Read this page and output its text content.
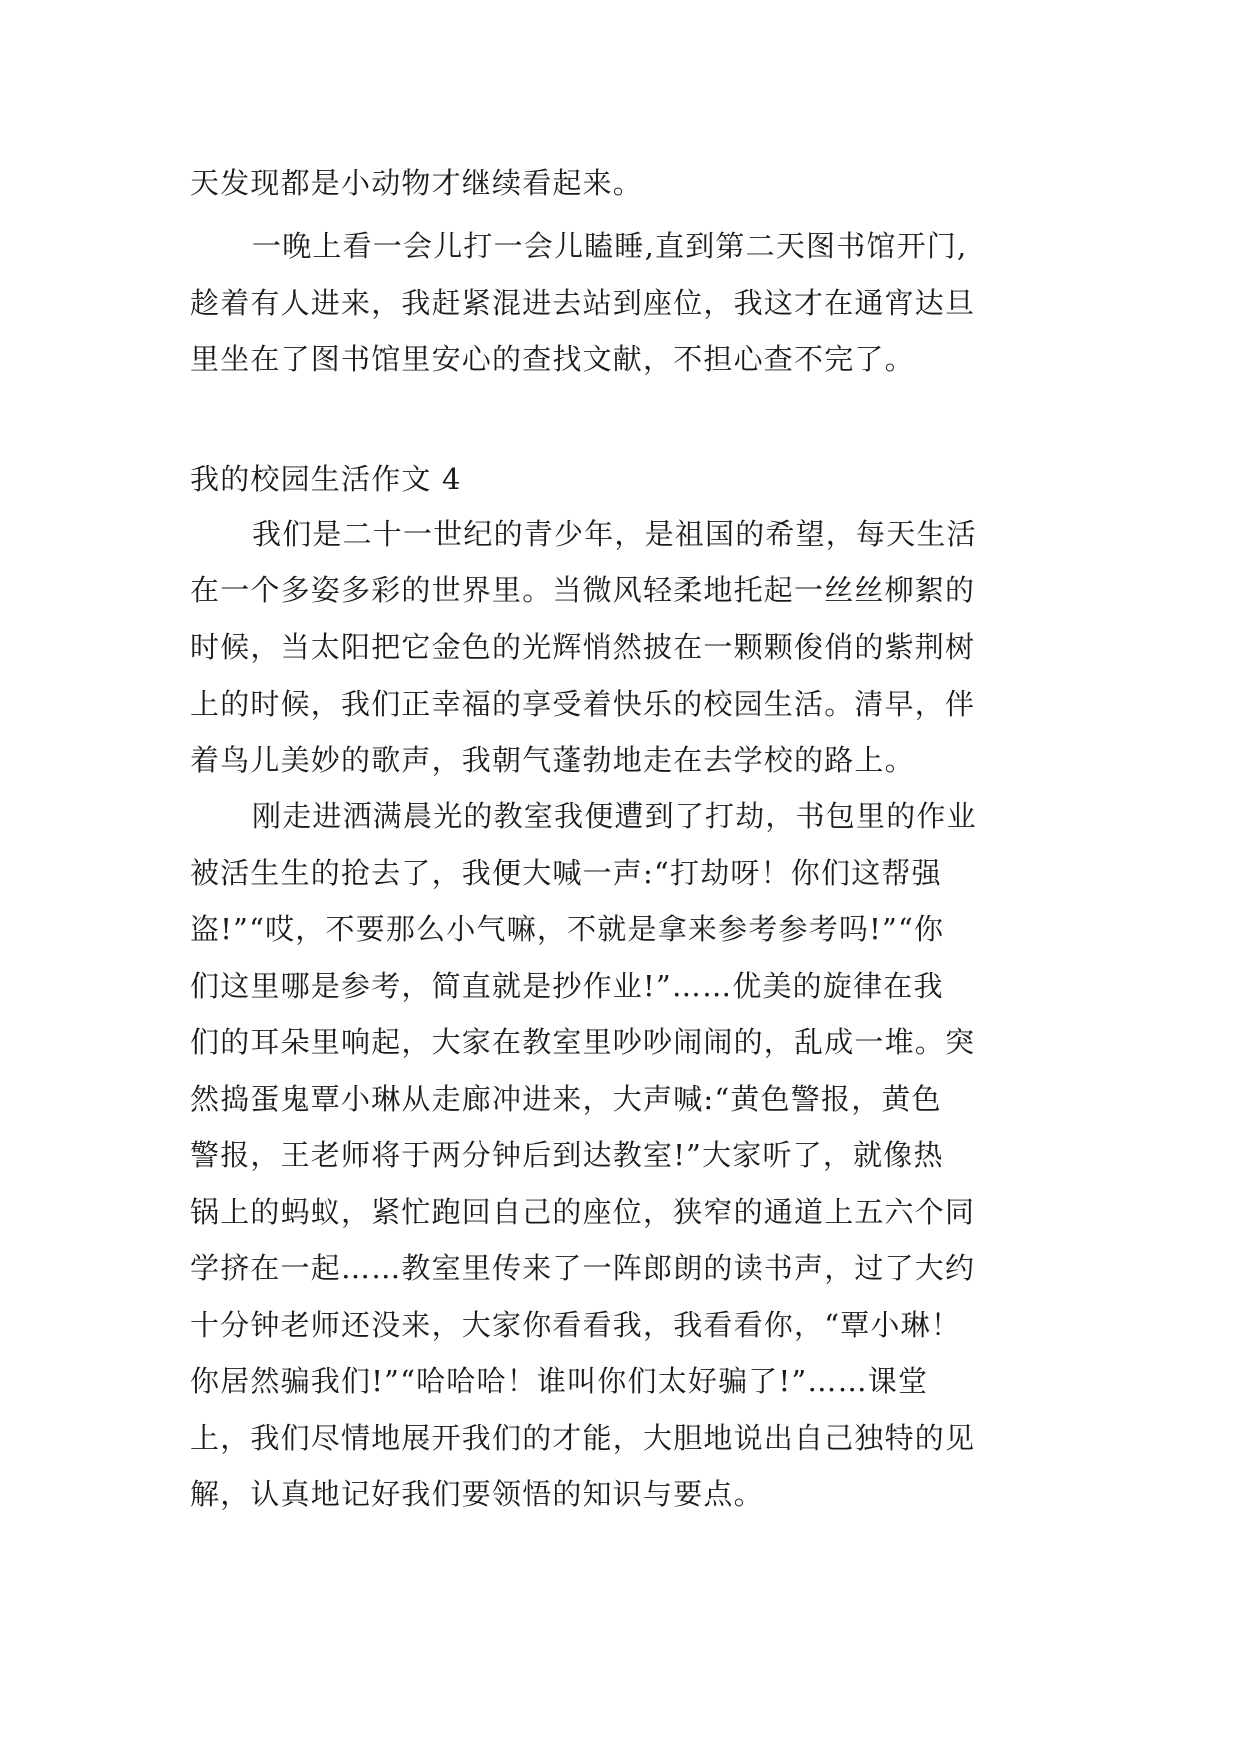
天发现都是小动物才继续看起来。

一晚上看一会儿打一会儿瞌睡,直到第二天图书馆开门,

趁着有人进来，我赶紧混进去站到座位，我这才在通宵达旦

里坐在了图书馆里安心的查找文献，不担心查不完了。

我的校园生活作文 4

我们是二十一世纪的青少年，是祖国的希望，每天生活

在一个多姿多彩的世界里。当微风轻柔地托起一丝丝柳絮的

时候，当太阳把它金色的光辉悄然披在一颗颗俊俏的紫荆树

上的时候，我们正幸福的享受着快乐的校园生活。清早，伴

着鸟儿美妙的歌声，我朝气蓬勃地走在去学校的路上。

刚走进洒满晨光的教室我便遭到了打劫，书包里的作业

被活生生的抢去了，我便大喊一声:“打劫呀！你们这帮强

盗!”“哎，不要那么小气嘛，不就是拿来参考参考吗!”“你

们这里哪是参考，简直就是抄作业!”……优美的旋律在我

们的耳朵里响起，大家在教室里吵吵闹闹的，乱成一堆。突

然捣蛋鬼覃小琳从走廊冲进来，大声喊:“黄色警报，黄色

警报，王老师将于两分钟后到达教室!”大家听了，就像热

锅上的蚂蚁，紧忙跑回自己的座位，狭窄的通道上五六个同

学挤在一起……教室里传来了一阵郎朗的读书声，过了大约

十分钟老师还没来，大家你看看我，我看看你，“覃小琳！

你居然骗我们!”“哈哈哈！谁叫你们太好骗了!”……课堂

上，我们尽情地展开我们的才能，大胆地说出自己独特的见

解，认真地记好我们要领悟的知识与要点。
